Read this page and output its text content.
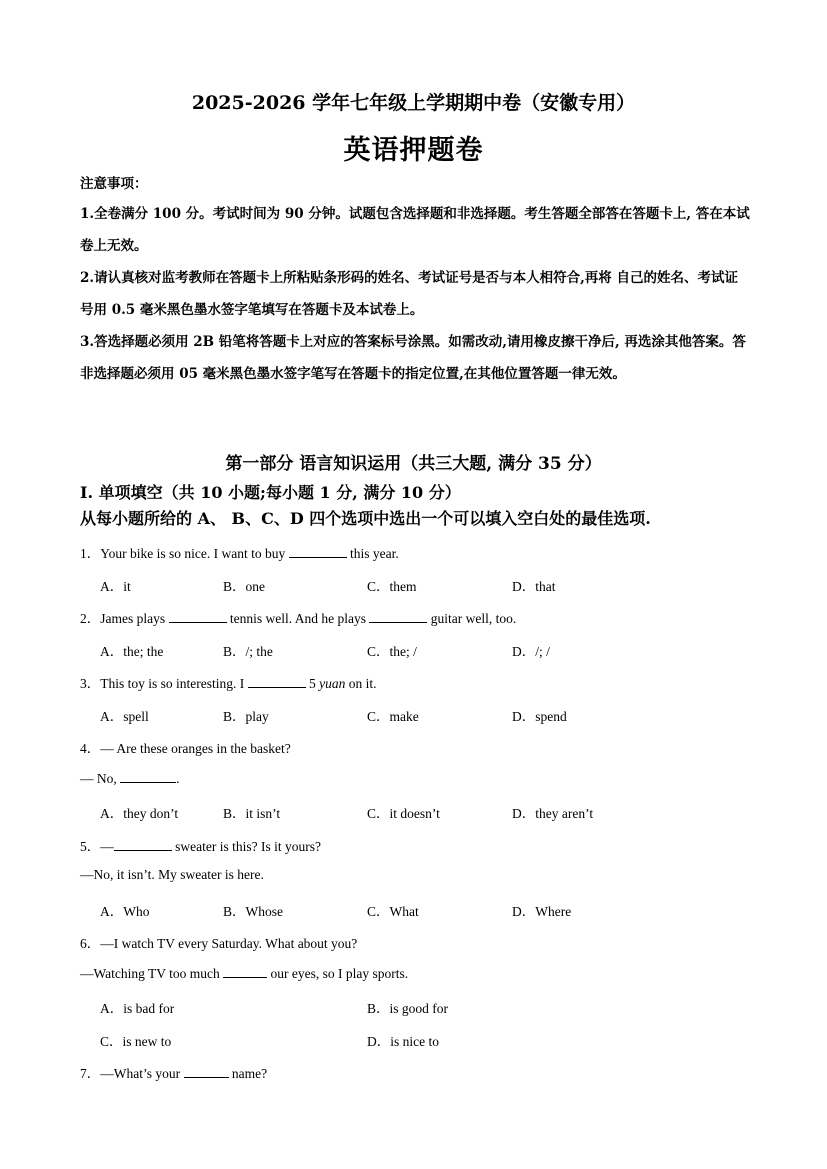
2025-2026 学年七年级上学期期中卷（安徽专用）
英语押题卷
注意事项：
1.全卷满分 100 分。考试时间为 90 分钟。试题包含选择题和非选择题。考生答题全部答在答题卡上, 答在本试卷上无效。
2.请认真核对监考教师在答题卡上所粘贴条形码的姓名、考试证号是否与本人相符合,再将 自己的姓名、考试证号用 0.5 毫米黑色墨水签字笔填写在答题卡及本试卷上。
3.答选择题必须用 2B 铅笔将答题卡上对应的答案标号涂黑。如需改动,请用橡皮擦干净后, 再选涂其他答案。答非选择题必须用 05 毫米黑色墨水签字笔写在答题卡的指定位置,在其他位置答题一律无效。
第一部分 语言知识运用（共三大题, 满分 35 分）
I. 单项填空（共 10 小题;每小题 1 分, 满分 10 分）
从每小题所给的 A、 B、C、D 四个选项中选出一个可以填入空白处的最佳选项.
1．Your bike is so nice. I want to buy	this year.
A．it	B．one	C．them	D．that
2．James plays	tennis well. And he plays	guitar well, too.
A．the; the	B．/; the	C．the; /	D．/; /
3．This toy is so interesting. I	5 yuan on it.
A．spell	B．play	C．make	D．spend
4．— Are these oranges in the basket?
— No,	.
A．they don’t	B．it isn’t	C．it doesn’t	D．they aren’t
5．—	sweater is this? Is it yours?
—No, it isn’t. My sweater is here.
A．Who	B．Whose	C．What	D．Where
6．—I watch TV every Saturday. What about you?
—Watching TV too much	our eyes, so I play sports.
A．is bad for	B．is good for
C．is new to	D．is nice to
7．—What’s your	name?
